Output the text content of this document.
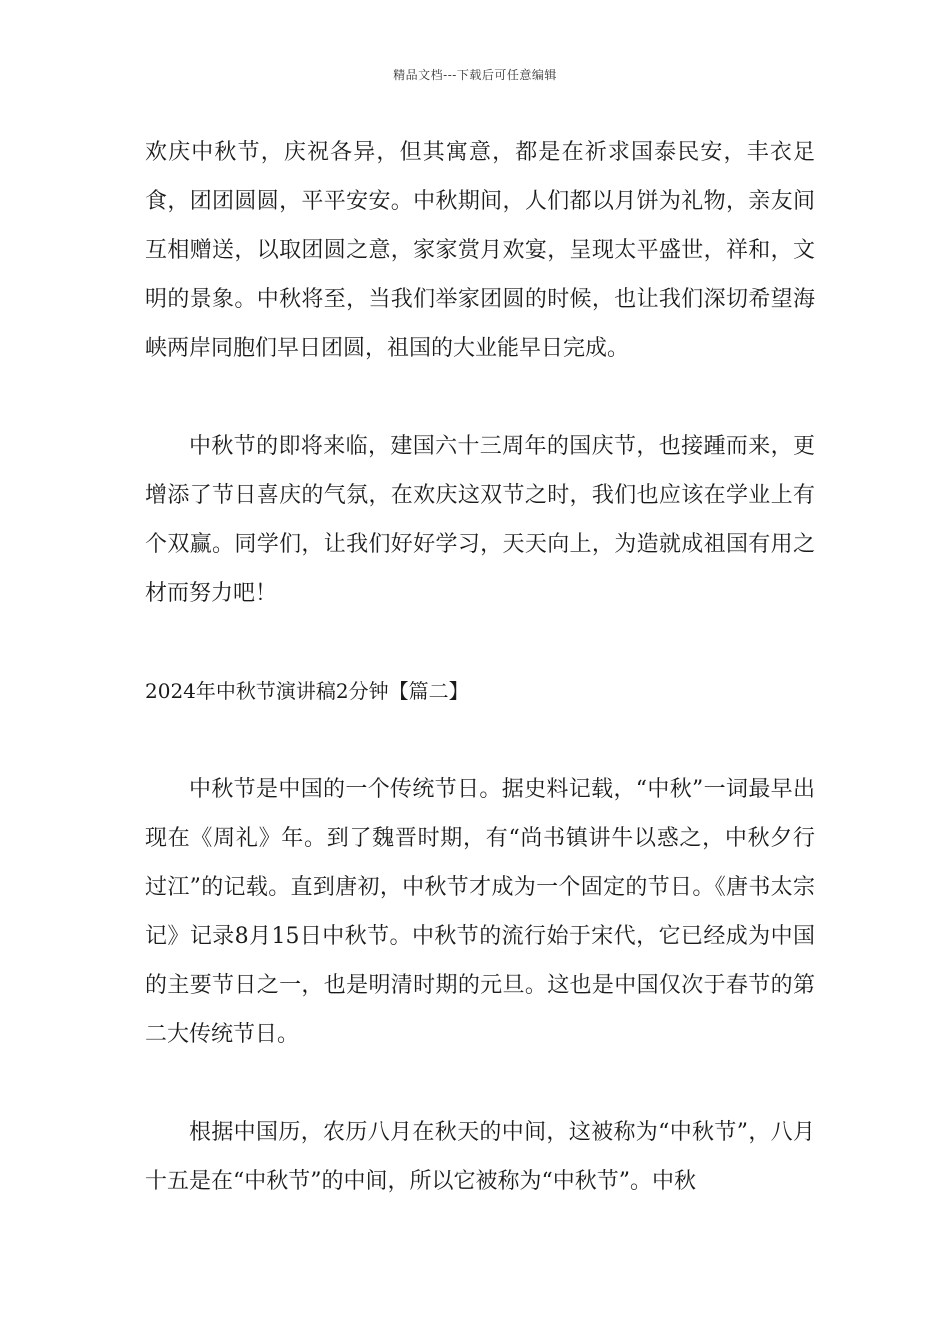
精品文档---下载后可任意编辑

欢庆中秋节，庆祝各异，但其寓意，都是在祈求国泰民安，丰衣足食，团团圆圆，平平安安。中秋期间，人们都以月饼为礼物，亲友间互相赠送，以取团圆之意，家家赏月欢宴，呈现太平盛世，祥和，文明的景象。中秋将至，当我们举家团圆的时候，也让我们深切希望海峡两岸同胞们早日团圆，祖国的大业能早日完成。

中秋节的即将来临，建国六十三周年的国庆节，也接踵而来，更增添了节日喜庆的气氛，在欢庆这双节之时，我们也应该在学业上有个双赢。同学们，让我们好好学习，天天向上，为造就成祖国有用之材而努力吧！

2024年中秋节演讲稿2分钟【篇二】

中秋节是中国的一个传统节日。据史料记载，“中秋”一词最早出现在《周礼》年。到了魏晋时期，有“尚书镇讲牛以惑之，中秋夕行过江”的记载。直到唐初，中秋节才成为一个固定的节日。《唐书太宗记》记录8月15日中秋节。中秋节的流行始于宋代，它已经成为中国的主要节日之一，也是明清时期的元旦。这也是中国仅次于春节的第二大传统节日。

根据中国历，农历八月在秋天的中间，这被称为“中秋节”，八月十五是在“中秋节”的中间，所以它被称为“中秋节”。中秋
